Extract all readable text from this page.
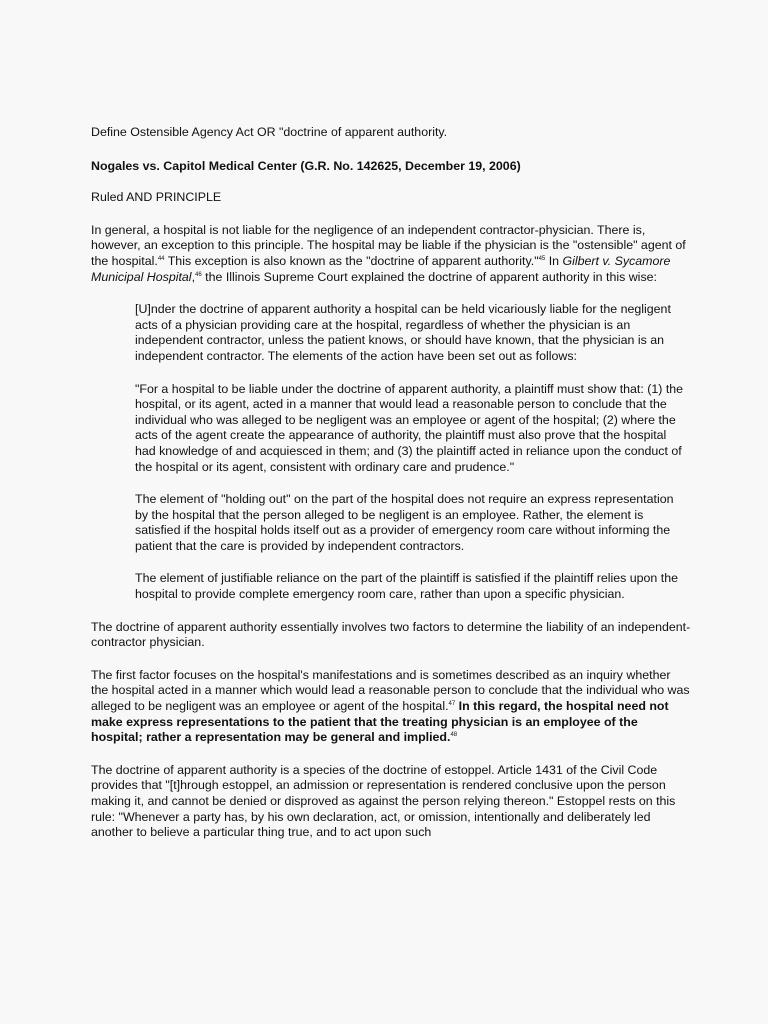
Define Ostensible Agency Act OR "doctrine of apparent authority.

Nogales vs. Capitol Medical Center (G.R. No. 142625, December 19, 2006)

Ruled AND PRINCIPLE

In general, a hospital is not liable for the negligence of an independent contractor-physician. There is, however, an exception to this principle. The hospital may be liable if the physician is the "ostensible" agent of the hospital.$^{44}$ This exception is also known as the "doctrine of apparent authority."$^{45}$ In Gilbert v. Sycamore Municipal Hospital,$^{46}$ the Illinois Supreme Court explained the doctrine of apparent authority in this wise:

[U]nder the doctrine of apparent authority a hospital can be held vicariously liable for the negligent acts of a physician providing care at the hospital, regardless of whether the physician is an independent contractor, unless the patient knows, or should have known, that the physician is an independent contractor. The elements of the action have been set out as follows:

"For a hospital to be liable under the doctrine of apparent authority, a plaintiff must show that: (1) the hospital, or its agent, acted in a manner that would lead a reasonable person to conclude that the individual who was alleged to be negligent was an employee or agent of the hospital; (2) where the acts of the agent create the appearance of authority, the plaintiff must also prove that the hospital had knowledge of and acquiesced in them; and (3) the plaintiff acted in reliance upon the conduct of the hospital or its agent, consistent with ordinary care and prudence."

The element of "holding out" on the part of the hospital does not require an express representation by the hospital that the person alleged to be negligent is an employee. Rather, the element is satisfied if the hospital holds itself out as a provider of emergency room care without informing the patient that the care is provided by independent contractors.

The element of justifiable reliance on the part of the plaintiff is satisfied if the plaintiff relies upon the hospital to provide complete emergency room care, rather than upon a specific physician.

The doctrine of apparent authority essentially involves two factors to determine the liability of an independent-contractor physician.

The first factor focuses on the hospital's manifestations and is sometimes described as an inquiry whether the hospital acted in a manner which would lead a reasonable person to conclude that the individual who was alleged to be negligent was an employee or agent of the hospital.$^{47}$ In this regard, the hospital need not make express representations to the patient that the treating physician is an employee of the hospital; rather a representation may be general and implied.$^{48}$

The doctrine of apparent authority is a species of the doctrine of estoppel. Article 1431 of the Civil Code provides that "[t]hrough estoppel, an admission or representation is rendered conclusive upon the person making it, and cannot be denied or disproved as against the person relying thereon." Estoppel rests on this rule: "Whenever a party has, by his own declaration, act, or omission, intentionally and deliberately led another to believe a particular thing true, and to act upon such
